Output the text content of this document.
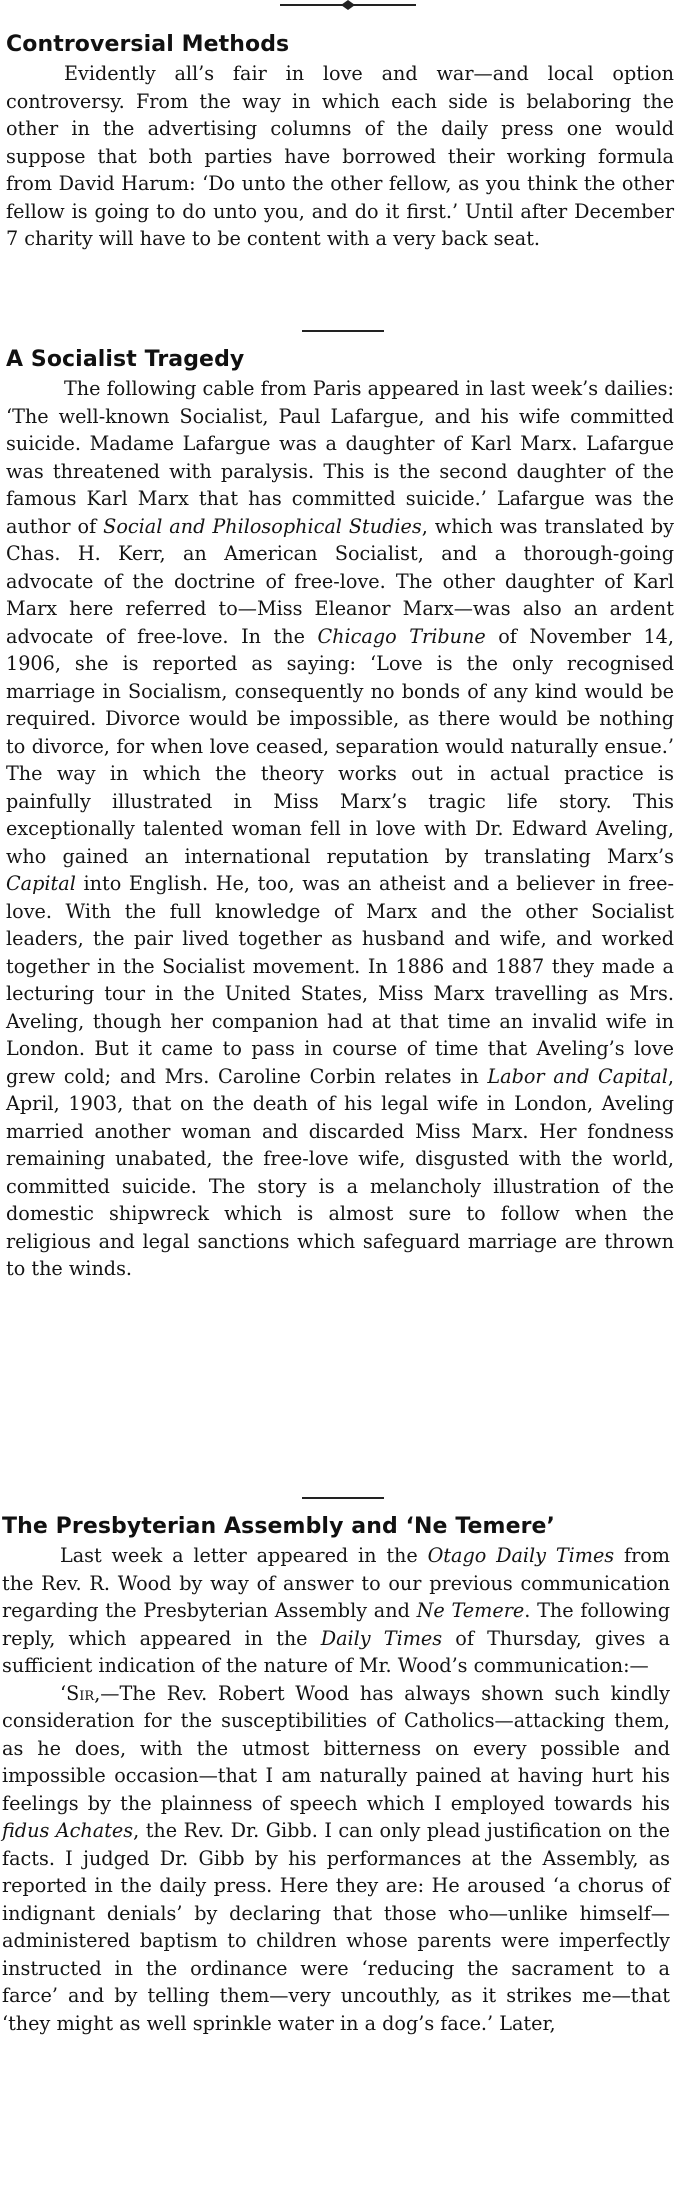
Controversial Methods

Evidently all’s fair in love and war—and local option controversy. From the way in which each side is belaboring the other in the advertising columns of the daily press one would suppose that both parties have borrowed their working formula from David Harum: ‘Do unto the other fellow, as you think the other fellow is going to do unto you, and do it first.’ Until after December 7 charity will have to be content with a very back seat.

A Socialist Tragedy

The following cable from Paris appeared in last week’s dailies: ‘The well-known Socialist, Paul Lafargue, and his wife committed suicide. Madame Lafargue was a daughter of Karl Marx. Lafargue was threatened with paralysis. This is the second daughter of the famous Karl Marx that has committed suicide.’ Lafargue was the author of Social and Philosophical Studies, which was translated by Chas. H. Kerr, an American Socialist, and a thorough-going advocate of the doctrine of free-love. The other daughter of Karl Marx here referred to—Miss Eleanor Marx—was also an ardent advocate of free-love. In the Chicago Tribune of November 14, 1906, she is reported as saying: ‘Love is the only recognised marriage in Socialism, consequently no bonds of any kind would be required. Divorce would be impossible, as there would be nothing to divorce, for when love ceased, separation would naturally ensue.’ The way in which the theory works out in actual practice is painfully illustrated in Miss Marx’s tragic life story. This exceptionally talented woman fell in love with Dr. Edward Aveling, who gained an international reputation by translating Marx’s Capital into English. He, too, was an atheist and a believer in free-love. With the full knowledge of Marx and the other Socialist leaders, the pair lived together as husband and wife, and worked together in the Socialist movement. In 1886 and 1887 they made a lecturing tour in the United States, Miss Marx travelling as Mrs. Aveling, though her companion had at that time an invalid wife in London. But it came to pass in course of time that Aveling’s love grew cold; and Mrs. Caroline Corbin relates in Labor and Capital, April, 1903, that on the death of his legal wife in London, Aveling married another woman and discarded Miss Marx. Her fondness remaining unabated, the free-love wife, disgusted with the world, committed suicide. The story is a melancholy illustration of the domestic shipwreck which is almost sure to follow when the religious and legal sanctions which safeguard marriage are thrown to the winds.

The Presbyterian Assembly and ‘Ne Temere’

Last week a letter appeared in the Otago Daily Times from the Rev. R. Wood by way of answer to our previous communication regarding the Presbyterian Assembly and Ne Temere. The following reply, which appeared in the Daily Times of Thursday, gives a sufficient indication of the nature of Mr. Wood’s communication:—

‘Sir,—The Rev. Robert Wood has always shown such kindly consideration for the susceptibilities of Catholics—attacking them, as he does, with the utmost bitterness on every possible and impossible occasion—that I am naturally pained at having hurt his feelings by the plainness of speech which I employed towards his fidus Achates, the Rev. Dr. Gibb. I can only plead justification on the facts. I judged Dr. Gibb by his performances at the Assembly, as reported in the daily press. Here they are: He aroused ‘a chorus of indignant denials’ by declaring that those who—unlike himself—administered baptism to children whose parents were imperfectly instructed in the ordinance were ‘reducing the sacrament to a farce’ and by telling them—very uncouthly, as it strikes me—that ‘they might as well sprinkle water in a dog’s face.’ Later,
